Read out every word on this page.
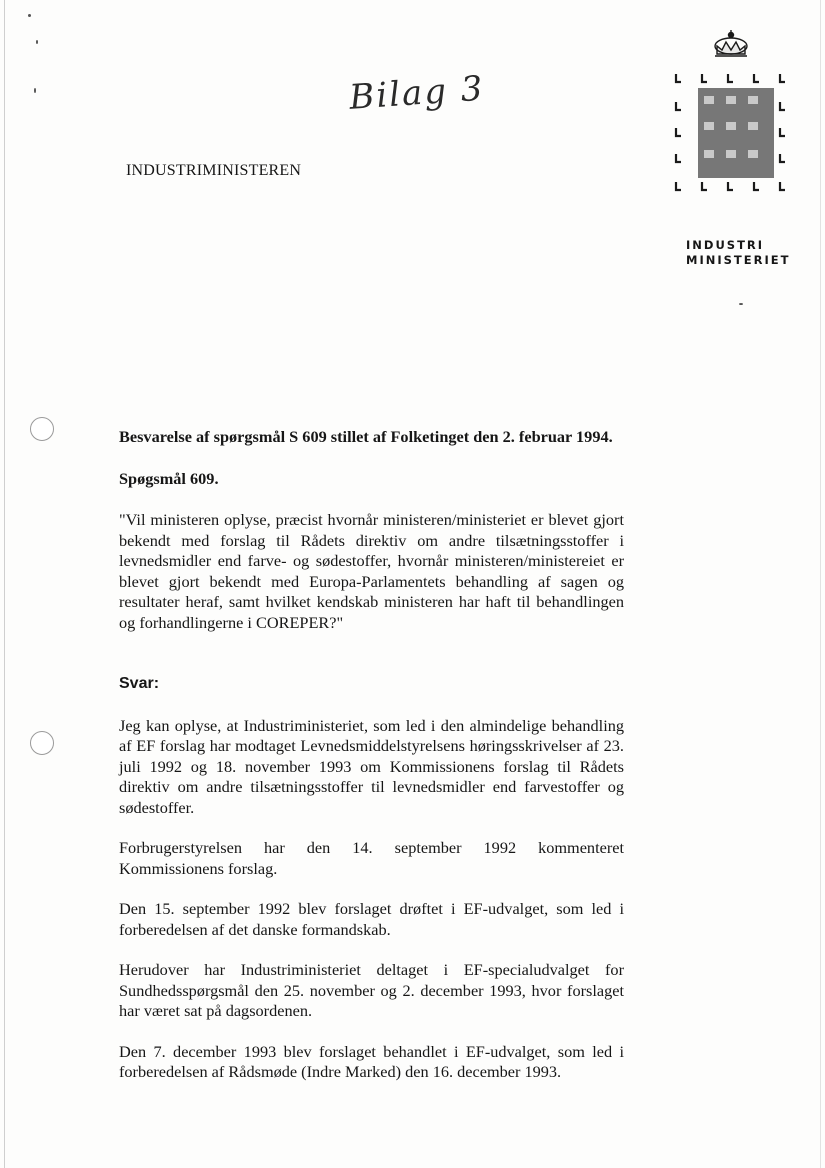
Bilag 3
INDUSTRIMINISTEREN
INDUSTRI
MINISTERIET
Besvarelse af spørgsmål S 609 stillet af Folketinget den 2. februar 1994.
Spøgsmål 609.
"Vil ministeren oplyse, præcist hvornår ministeren/ministeriet er blevet gjort bekendt med forslag til Rådets direktiv om andre tilsætningsstoffer i levnedsmidler end farve- og sødestoffer, hvornår ministeren/ministereiet er blevet gjort bekendt med Europa-Parlamentets behandling af sagen og resultater heraf, samt hvilket kendskab ministeren har haft til behandlingen og forhandlingerne i COREPER?"
Svar:

Jeg kan oplyse, at Industriministeriet, som led i den almindelige behandling af EF forslag har modtaget Levnedsmiddelstyrelsens høringsskrivelser af 23. juli 1992 og 18. november 1993 om Kommissionens forslag til Rådets direktiv om andre tilsætningsstoffer til levnedsmidler end farvestoffer og sødestoffer.

Forbrugerstyrelsen har den 14. september 1992 kommenteret Kommissionens forslag.

Den 15. september 1992 blev forslaget drøftet i EF-udvalget, som led i forberedelsen af det danske formandskab.

Herudover har Industriministeriet deltaget i EF-specialudvalget for Sundhedsspørgsmål den 25. november og 2. december 1993, hvor forslaget har været sat på dagsordenen.

Den 7. december 1993 blev forslaget behandlet i EF-udvalget, som led i forberedelsen af Rådsmøde (Indre Marked) den 16. december 1993.
